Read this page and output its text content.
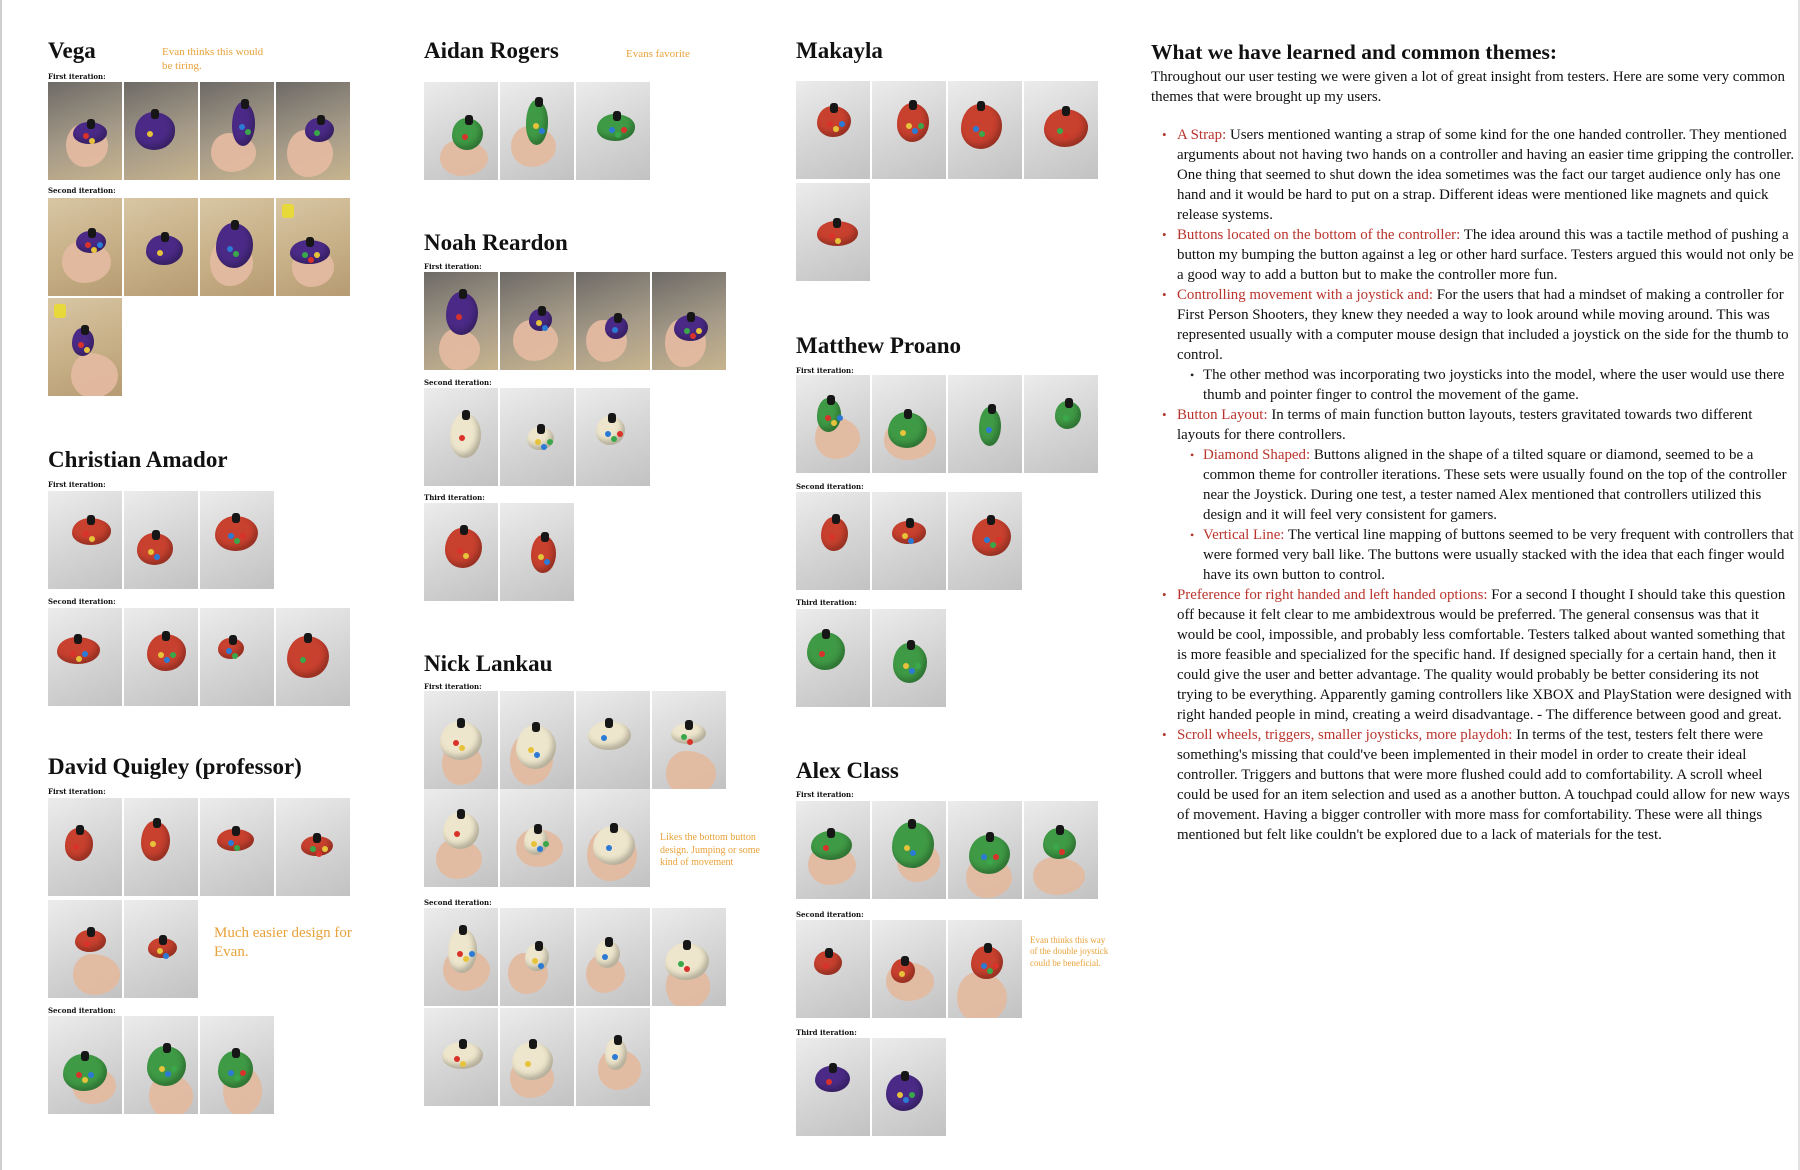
Vega	Evan thinks this would be tiring.
First iteration:
Second iteration:
Christian Amador
First iteration:
Second iteration:
David Quigley (professor)
First iteration:
Much easier design for Evan.
Second iteration:
Aidan Rogers	Evans favorite
Noah Reardon
First iteration:
Second iteration:
Third iteration:
Nick Lankau
First iteration:
Likes the bottom button design. Jumping or some kind of movement
Second iteration:
Makayla
Matthew Proano
First iteration:
Second iteration:
Third iteration:
Alex Class
First iteration:
Second iteration:
Evan thinks this way of the double joystick could be beneficial.
Third iteration:
What we have learned and common themes:
Throughout our user testing we were given a lot of great insight from testers. Here are some very common themes that were brought up my users.
• A Strap: Users mentioned wanting a strap of some kind for the one handed controller. They mentioned arguments about not having two hands on a controller and having an easier time gripping the controller. One thing that seemed to shut down the idea sometimes was the fact our target audience only has one hand and it would be hard to put on a strap. Different ideas were mentioned like magnets and quick release systems.
• Buttons located on the bottom of the controller: The idea around this was a tactile method of pushing a button my bumping the button against a leg or other hard surface. Testers argued this would not only be a good way to add a button but to make the controller more fun.
• Controlling movement with a joystick and: For the users that had a mindset of making a controller for First Person Shooters, they knew they needed a way to look around while moving around. This was represented usually with a computer mouse design that included a joystick on the side for the thumb to control.
• The other method was incorporating two joysticks into the model, where the user would use there thumb and pointer finger to control the movement of the game.
• Button Layout: In terms of main function button layouts, testers gravitated towards two different layouts for there controllers.
• Diamond Shaped: Buttons aligned in the shape of a tilted square or diamond, seemed to be a common theme for controller iterations. These sets were usually found on the top of the controller near the Joystick. During one test, a tester named Alex mentioned that controllers utilized this design and it will feel very consistent for gamers.
• Vertical Line: The vertical line mapping of buttons seemed to be very frequent with controllers that were formed very ball like. The buttons were usually stacked with the idea that each finger would have its own button to control.
• Preference for right handed and left handed options: For a second I thought I should take this question off because it felt clear to me ambidextrous would be preferred. The general consensus was that it would be cool, impossible, and probably less comfortable. Testers talked about wanted something that is more feasible and specialized for the specific hand. If designed specially for a certain hand, then it could give the user and better advantage. The quality would probably be better considering its not trying to be everything. Apparently gaming controllers like XBOX and PlayStation were designed with right handed people in mind, creating a weird disadvantage. - The difference between good and great.
• Scroll wheels, triggers, smaller joysticks, more playdoh: In terms of the test, testers felt there were something's missing that could've been implemented in their model in order to create their ideal controller. Triggers and buttons that were more flushed could add to comfortability. A scroll wheel could be used for an item selection and used as a another button. A touchpad could allow for new ways of movement. Having a bigger controller with more mass for comfortability. These were all things mentioned but felt like couldn't be explored due to a lack of materials for the test.
